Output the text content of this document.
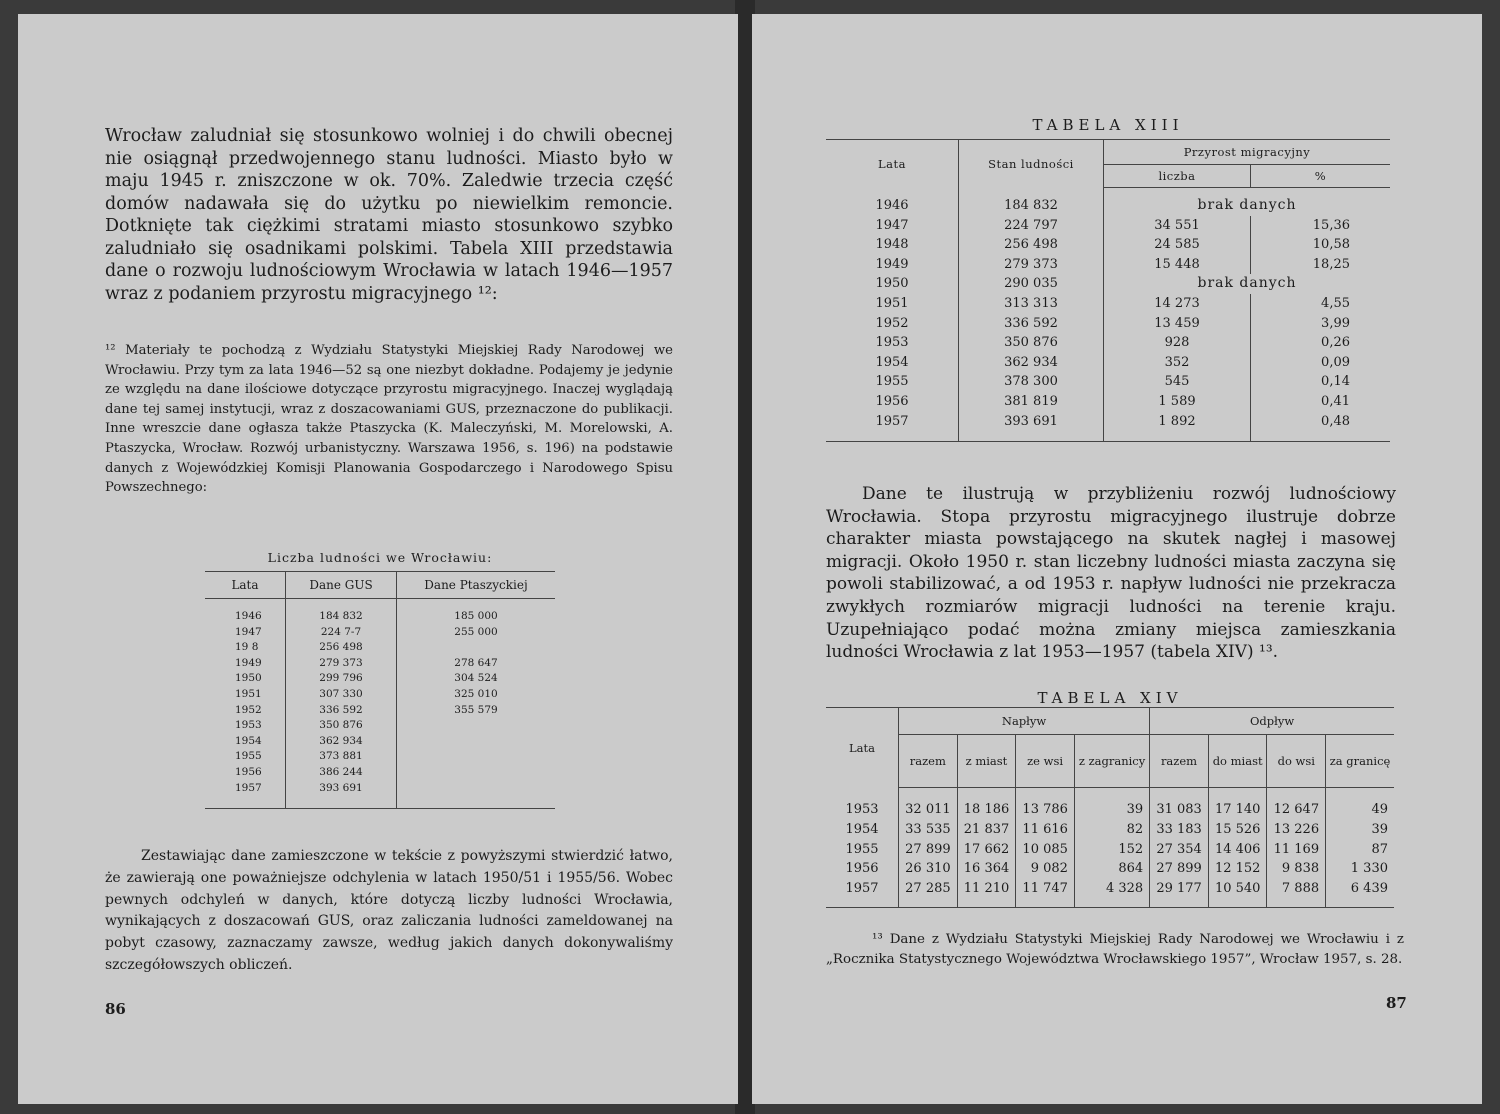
Wrocław zaludniał się stosunkowo wolniej i do chwili obecnej nie osiągnął przedwojennego stanu ludności. Miasto było w maju 1945 r. zniszczone w ok. 70%. Zaledwie trzecia część domów nadawała się do użytku po niewielkim remoncie. Dotknięte tak ciężkimi stratami miasto stosunkowo szybko zaludniało się osadnikami polskimi. Tabela XIII przedstawia dane o rozwoju ludnościowym Wrocławia w latach 1946—1957 wraz z podaniem przyrostu migracyjnego ¹²:

¹² Materiały te pochodzą z Wydziału Statystyki Miejskiej Rady Narodowej we Wrocławiu. Przy tym za lata 1946—52 są one niezbyt dokładne. Podajemy je jedynie ze względu na dane ilościowe dotyczące przyrostu migracyjnego. Inaczej wyglądają dane tej samej instytucji, wraz z doszacowaniami GUS, przeznaczone do publikacji. Inne wreszcie dane ogłasza także Ptaszycka (K. Maleczyński, M. Morelowski, A. Ptaszycka, Wrocław. Rozwój urbanistyczny. Warszawa 1956, s. 196) na podstawie danych z Wojewódzkiej Komisji Planowania Gospodarczego i Narodowego Spisu Powszechnego:

Liczba ludności we Wrocławiu:
Lata	Dane GUS	Dane Ptaszyckiej
1946	184 832	185 000
1947	224 7-7	255 000
19 8	256 498	
1949	279 373	278 647
1950	299 796	304 524
1951	307 330	325 010
1952	336 592	355 579
1953	350 876	
1954	362 934	
1955	373 881	
1956	386 244	
1957	393 691	

Zestawiając dane zamieszczone w tekście z powyższymi stwierdzić łatwo, że zawierają one poważniejsze odchylenia w latach 1950/51 i 1955/56. Wobec pewnych odchyleń w danych, które dotyczą liczby ludności Wrocławia, wynikających z doszacowań GUS, oraz zaliczania ludności zameldowanej na pobyt czasowy, zaznaczamy zawsze, według jakich danych dokonywaliśmy szczegółowszych obliczeń.

86
TABELA XIII
Lata	Stan ludności	Przyrost migracyjny	
		liczba	%
1946	184 832	brak danych	
1947	224 797	34 551	15,36
1948	256 498	24 585	10,58
1949	279 373	15 448	18,25
1950	290 035	brak danych	
1951	313 313	14 273	4,55
1952	336 592	13 459	3,99
1953	350 876	928	0,26
1954	362 934	352	0,09
1955	378 300	545	0,14
1956	381 819	1 589	0,41
1957	393 691	1 892	0,48

Dane te ilustrują w przybliżeniu rozwój ludnościowy Wrocławia. Stopa przyrostu migracyjnego ilustruje dobrze charakter miasta powstającego na skutek nagłej i masowej migracji. Około 1950 r. stan liczebny ludności miasta zaczyna się powoli stabilizować, a od 1953 r. napływ ludności nie przekracza zwykłych rozmiarów migracji ludności na terenie kraju. Uzupełniająco podać można zmiany miejsca zamieszkania ludności Wrocławia z lat 1953—1957 (tabela XIV) ¹³.

TABELA XIV
Lata	Napływ				Odpływ			
	razem	z miast	ze wsi	z zagranicy	razem	do miast	do wsi	za granicę
1953	32 011	18 186	13 786	39	31 083	17 140	12 647	49
1954	33 535	21 837	11 616	82	33 183	15 526	13 226	39
1955	27 899	17 662	10 085	152	27 354	14 406	11 169	87
1956	26 310	16 364	9 082	864	27 899	12 152	9 838	1 330
1957	27 285	11 210	11 747	4 328	29 177	10 540	7 888	6 439

¹³ Dane z Wydziału Statystyki Miejskiej Rady Narodowej we Wrocławiu i z „Rocznika Statystycznego Województwa Wrocławskiego 1957”, Wrocław 1957, s. 28.

87
